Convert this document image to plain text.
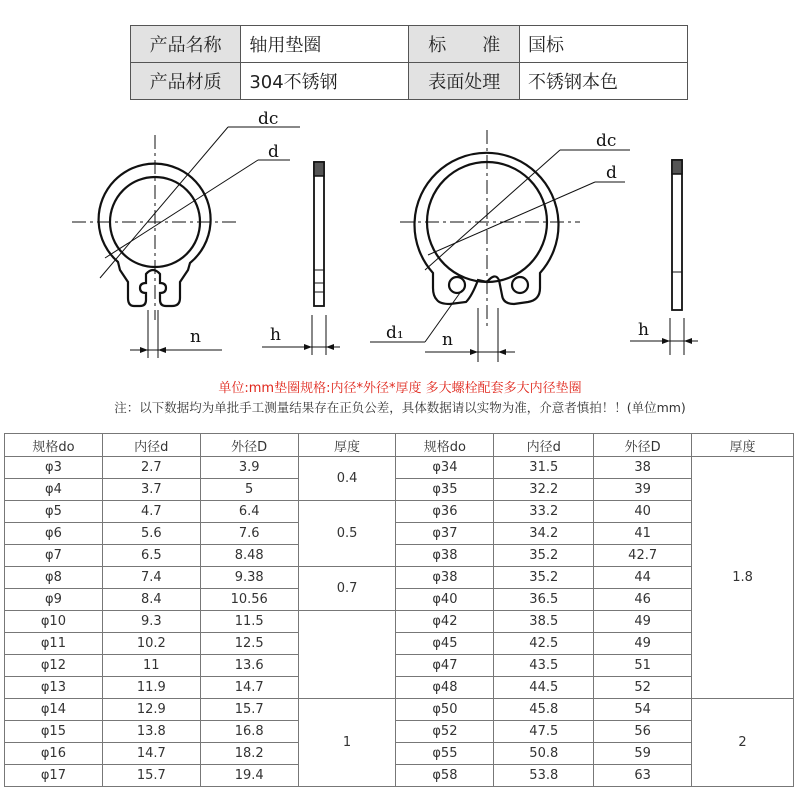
产品名称	轴用垫圈	标　　准	国标
产品材质	304不锈钢	表面处理	不锈钢本色
dc
d
n	h
dc
d
d₁ n	h
单位:mm垫圈规格:内径*外径*厚度 多大螺栓配套多大内径垫圈
注：以下数据均为单批手工测量结果存在正负公差，具体数据请以实物为准，介意者慎拍！！(单位mm)
规格do	内径d	外径D	厚度	规格do	内径d	外径D	厚度
φ3	2.7	3.9	0.4	φ34	31.5	38	1.8
φ4	3.7	5		φ35	32.2	39	
φ5	4.7	6.4	0.5	φ36	33.2	40	
φ6	5.6	7.6		φ37	34.2	41	
φ7	6.5	8.48		φ38	35.2	42.7	
φ8	7.4	9.38	0.7	φ38	35.2	44	
φ9	8.4	10.56		φ40	36.5	46	
φ10	9.3	11.5		φ42	38.5	49	
φ11	10.2	12.5		φ45	42.5	49	
φ12	11	13.6		φ47	43.5	51	
φ13	11.9	14.7		φ48	44.5	52	
φ14	12.9	15.7	1	φ50	45.8	54	2
φ15	13.8	16.8		φ52	47.5	56	
φ16	14.7	18.2		φ55	50.8	59	
φ17	15.7	19.4		φ58	53.8	63	
